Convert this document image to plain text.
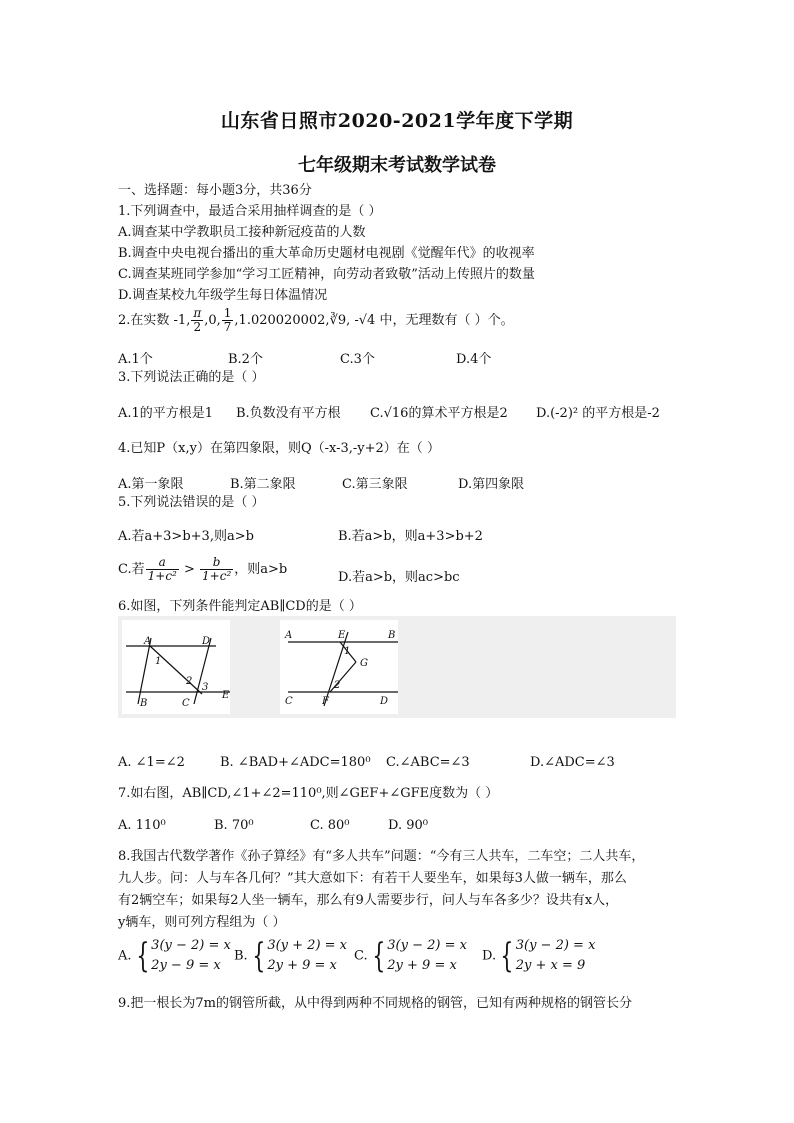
山东省日照市2020-2021学年度下学期
七年级期末考试数学试卷
一、选择题：每小题3分，共36分
1.下列调查中，最适合采用抽样调查的是（ ）
A.调查某中学教职员工接种新冠疫苗的人数
B.调查中央电视台播出的重大革命历史题材电视剧《觉醒年代》的收视率
C.调查某班同学参加“学习工匠精神，向劳动者致敬”活动上传照片的数量
D.调查某校九年级学生每日体温情况
2.在实数 -1, $\frac{\pi}{2} ,0$, $\frac{1}{7}$ ,1.020020002,∛9, -√4 中，无理数有（ ）个。
A.1个	B.2个	C.3个	D.4个
3.下列说法正确的是（ ）
A.1的平方根是1 B.负数没有平方根 C.√16的算术平方根是2 D.(-2)² 的平方根是-2
4.已知P（x,y）在第四象限，则Q（-x-3,-y+2）在（ ）
A.第一象限	B.第二象限	C.第三象限	D.第四象限
5.下列说法错误的是（ ）
A.若a+3>b+3,则a>b	B.若a>b，则a+3>b+2
C.若 $\frac{a}{\text{1+c²}} > \frac{b}{\text{1+c²}}$ ，则a>b
D.若a>b，则ac>bc
6.如图，下列条件能判定AB∥CD的是（ ）
A	D
1
2
3
B	C
E
A	E	B
1
G
2
C	F	D
A. ∠1=∠2	B. ∠BAD+∠ADC=180⁰ C.∠ABC=∠3	D.∠ADC=∠3
7.如右图，AB∥CD,∠1+∠2=110⁰,则∠GEF+∠GFE度数为（ ）
A. 110⁰	B. 70⁰	C. 80⁰	D. 90⁰
8.我国古代数学著作《孙子算经》有“多人共车”问题：“今有三人共车，二车空；二人共车，
九人步。问：人与车各几何？”其大意如下：有若干人要坐车，如果每3人做一辆车，那么
有2辆空车；如果每2人坐一辆车，那么有9人需要步行，问人与车各多少？设共有x人，
y辆车，则可列方程组为（ ）
A. { 3(y − 2) = x
2y − 9 = x
B. { 3(y + 2) = x
2y + 9 = x
C. { 3(y − 2) = x
2y + 9 = x
D. { 3(y − 2) = x
2y + x = 9
9.把一根长为7m的钢管所截，从中得到两种不同规格的钢管，已知有两种规格的钢管长分
